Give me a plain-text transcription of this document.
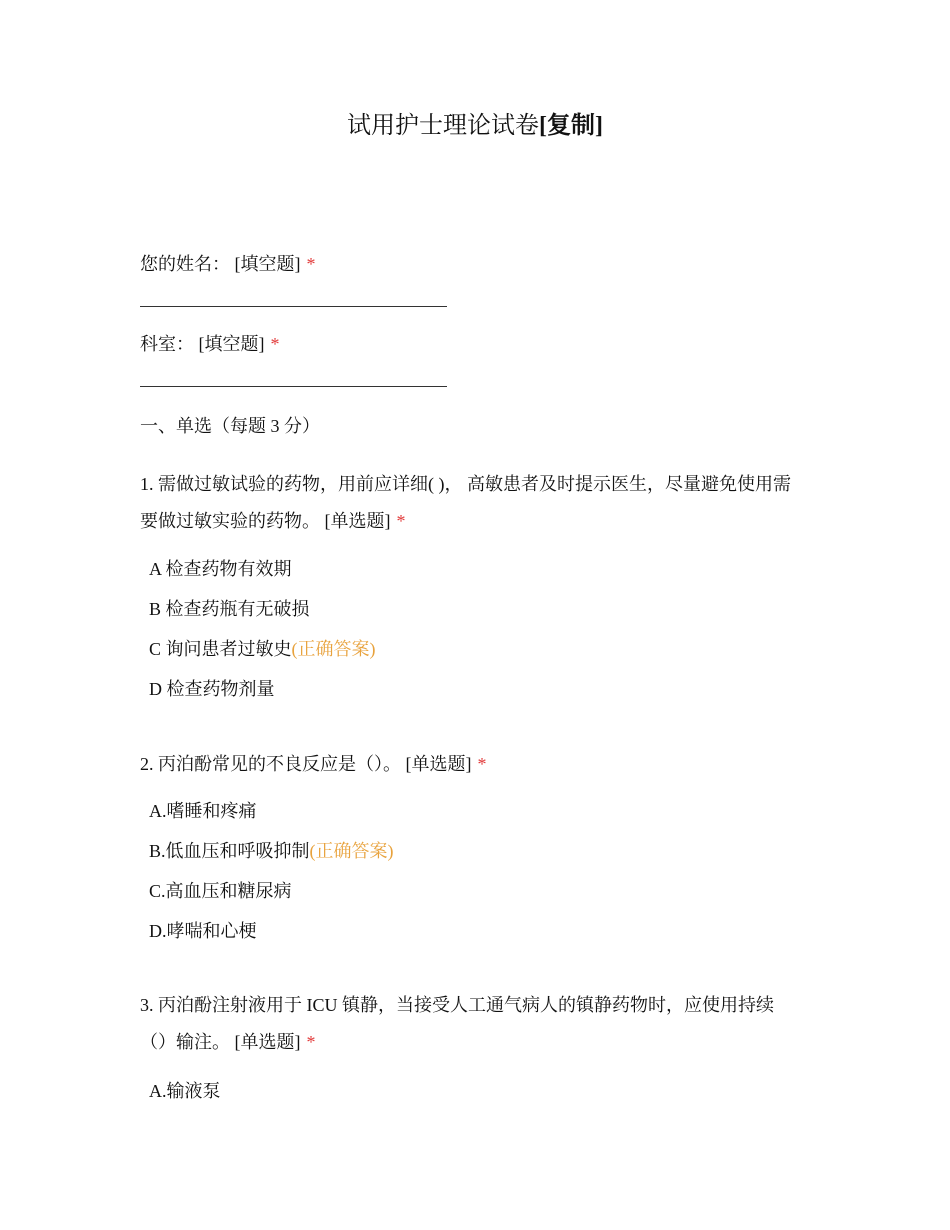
试用护士理论试卷[复制]
您的姓名： [填空题] *
科室： [填空题] *
一、单选（每题 3 分）
1. 需做过敏试验的药物，用前应详细( )， 高敏患者及时提示医生，尽量避免使用需要做过敏实验的药物。 [单选题] *
A 检查药物有效期
B 检查药瓶有无破损
C 询问患者过敏史(正确答案)
D 检查药物剂量
2. 丙泊酚常见的不良反应是（）。 [单选题] *
A.嗜睡和疼痛
B.低血压和呼吸抑制(正确答案)
C.高血压和糖尿病
D.哮喘和心梗
3. 丙泊酚注射液用于 ICU 镇静，当接受人工通气病人的镇静药物时，应使用持续（）输注。 [单选题] *
A.输液泵
